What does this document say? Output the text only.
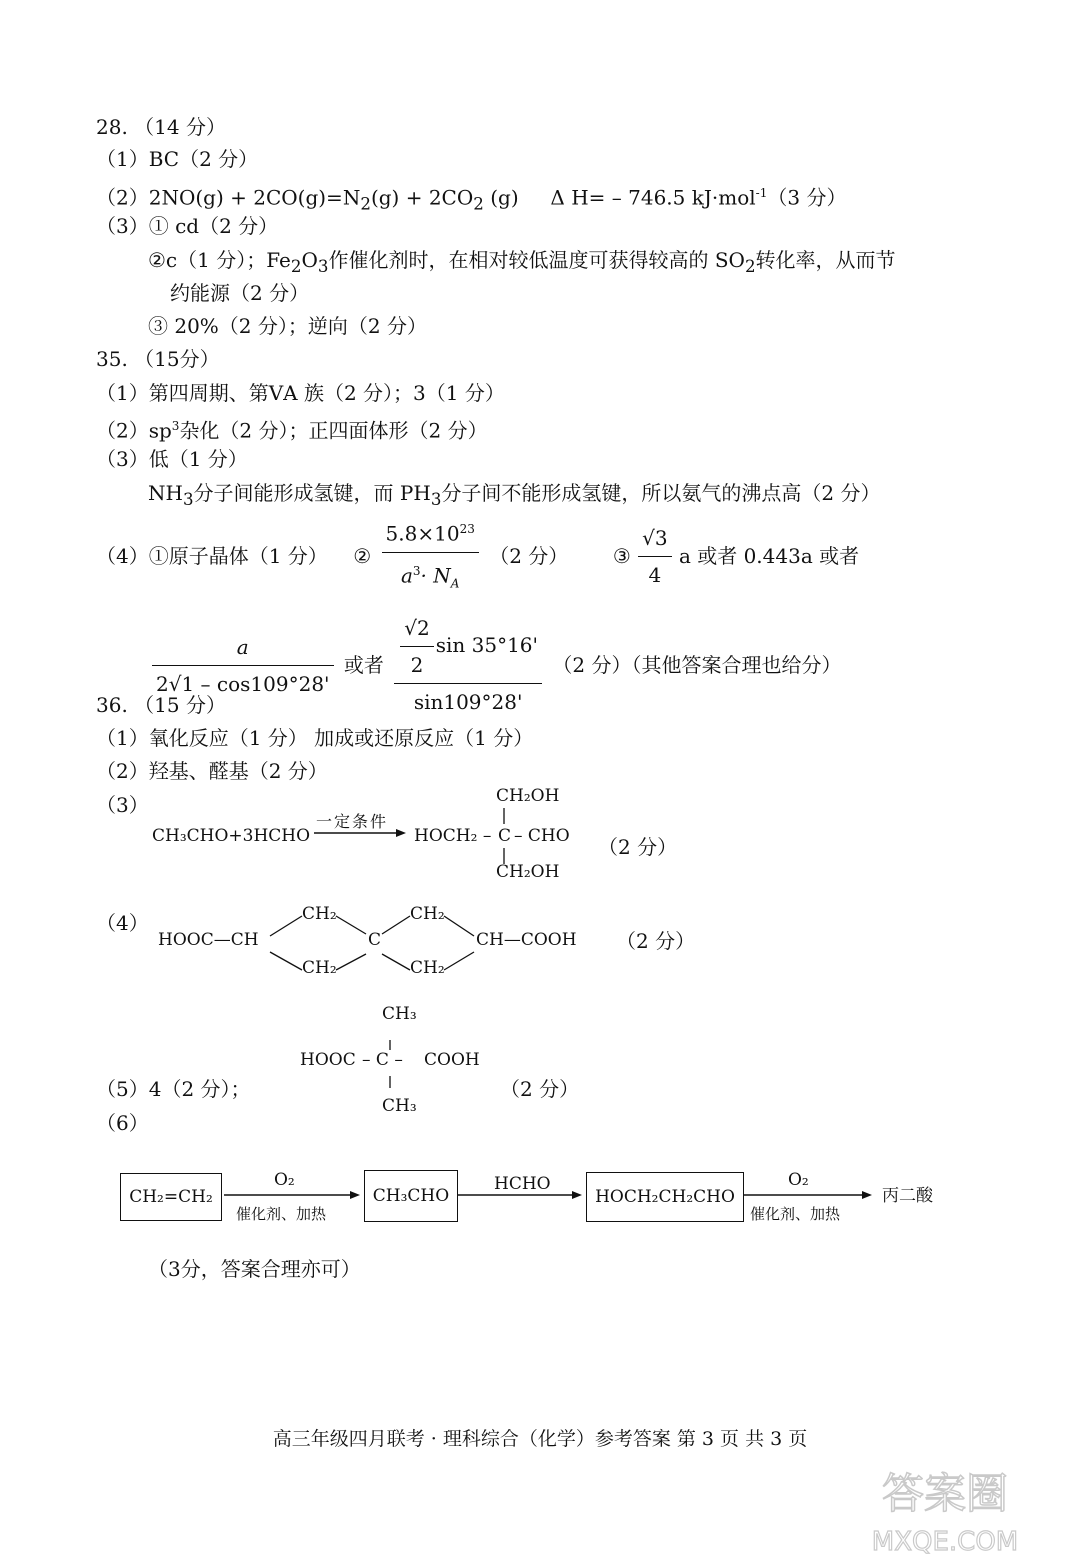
28. （14 分）
（1）BC（2 分）
$(2)2NO(g) + 2CO(g)=N_2(g) + 2CO_2$ (g) Δ H= – 746.5 kJ·mol$^{-1}$（3 分）
（3）① cd（2 分）
②c（1 分）；$Fe_2O_3$作催化剂时，在相对较低温度可获得较高的 $SO_2$转化率，从而节
约能源（2 分）
③ 20%（2 分）；逆向（2 分）
35. （15分）
（1）第四周期、第ⅤA 族（2 分）；3（1 分）
$(2)sp^3$杂化（2 分）；正四面体形（2 分）
（3）低（1 分）
$NH_3$分子间能形成氢键，而 $PH_3$分子间不能形成氢键，所以氨气的沸点高（2 分）
（4）①原子晶体（1 分） ② $\frac{5.8\times 10^{23}}{a^3\cdot N_A} (2$ 分） ③ $\frac{√3}{4}$ a 或者 0.443a 或者
$\frac{a}{2√1 - \cos 109^\circ 28'}$ 或者 $\frac{\frac{√2}{2} \sin 35^\circ 16'}{\sin 109^\circ 28'} (2$ 分）（其他答案合理也给分）
36. （15 分）
（1）氧化反应（1 分） 加成或还原反应（1 分）
（2）羟基、醛基（2 分）
（3）
CH₃CHO+3HCHO
一定条件
HOCH₂ – C – CHO
CH₂OH
CH₂OH
（2 分）
（4）
HOOC—CH
CH₂
CH₂
C
CH₂
CH₂
CH—COOH （2 分）
CH₃
HOOC – C – COOH
CH₃
（5）4（2 分）；	（2 分）
（6）
CH₂=CH₂
O₂
催化剂、加热
CH₃CHO
HCHO
HOCH₂CH₂CHO
O₂
催化剂、加热
丙二酸
（3分，答案合理亦可）
高三年级四月联考 · 理科综合（化学）参考答案 第 3 页 共 3 页
答案圈
MXQE.COM
